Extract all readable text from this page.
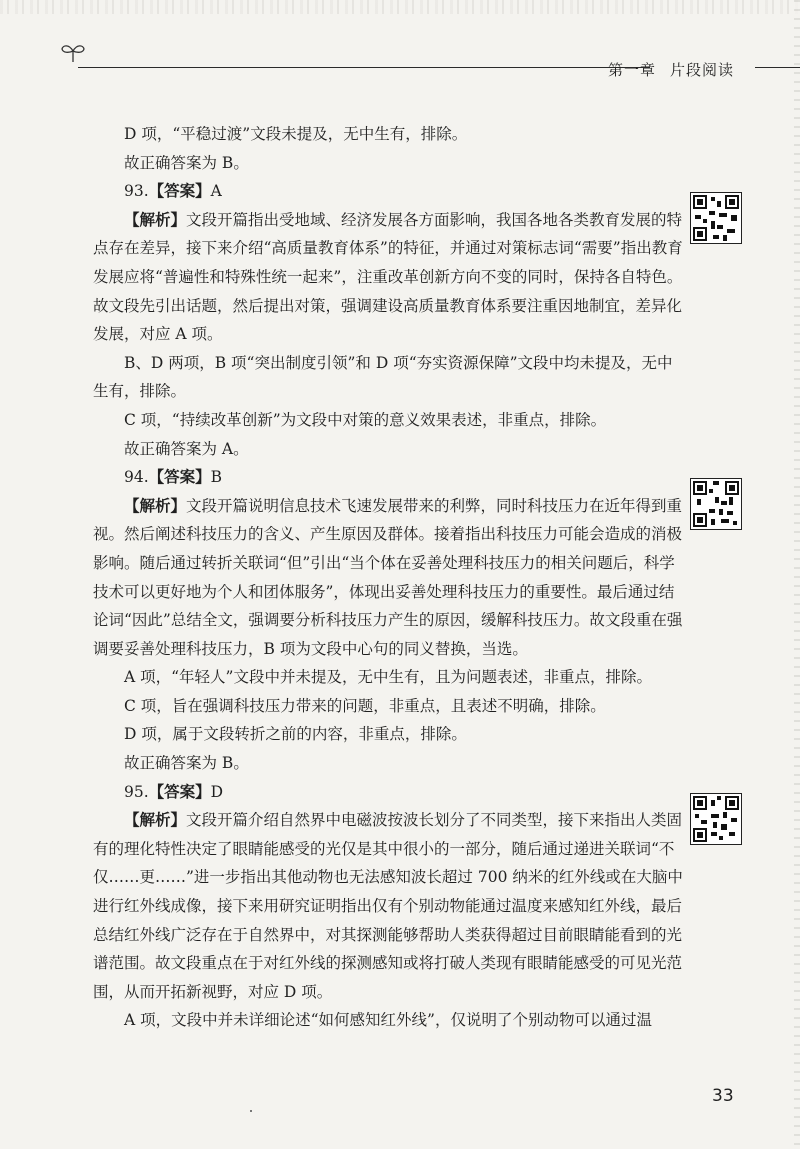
第一章 片段阅读

D 项，“平稳过渡”文段未提及，无中生有，排除。

故正确答案为 B。

93.【答案】A

【解析】文段开篇指出受地域、经济发展各方面影响，我国各地各类教育发展的特点存在差异，接下来介绍“高质量教育体系”的特征，并通过对策标志词“需要”指出教育发展应将“普遍性和特殊性统一起来”，注重改革创新方向不变的同时，保持各自特色。故文段先引出话题，然后提出对策，强调建设高质量教育体系要注重因地制宜，差异化发展，对应 A 项。

B、D 两项，B 项“突出制度引领”和 D 项“夯实资源保障”文段中均未提及，无中生有，排除。

C 项，“持续改革创新”为文段中对策的意义效果表述，非重点，排除。

故正确答案为 A。

94.【答案】B

【解析】文段开篇说明信息技术飞速发展带来的利弊，同时科技压力在近年得到重视。然后阐述科技压力的含义、产生原因及群体。接着指出科技压力可能会造成的消极影响。随后通过转折关联词“但”引出“当个体在妥善处理科技压力的相关问题后，科学技术可以更好地为个人和团体服务”，体现出妥善处理科技压力的重要性。最后通过结论词“因此”总结全文，强调要分析科技压力产生的原因，缓解科技压力。故文段重在强调要妥善处理科技压力，B 项为文段中心句的同义替换，当选。

A 项，“年轻人”文段中并未提及，无中生有，且为问题表述，非重点，排除。

C 项，旨在强调科技压力带来的问题，非重点，且表述不明确，排除。

D 项，属于文段转折之前的内容，非重点，排除。

故正确答案为 B。

95.【答案】D

【解析】文段开篇介绍自然界中电磁波按波长划分了不同类型，接下来指出人类固有的理化特性决定了眼睛能感受的光仅是其中很小的一部分，随后通过递进关联词“不仅……更……”进一步指出其他动物也无法感知波长超过 700 纳米的红外线或在大脑中进行红外线成像，接下来用研究证明指出仅有个别动物能通过温度来感知红外线，最后总结红外线广泛存在于自然界中，对其探测能够帮助人类获得超过目前眼睛能看到的光谱范围。故文段重点在于对红外线的探测感知或将打破人类现有眼睛能感受的可见光范围，从而开拓新视野，对应 D 项。

A 项，文段中并未详细论述“如何感知红外线”，仅说明了个别动物可以通过温

33
